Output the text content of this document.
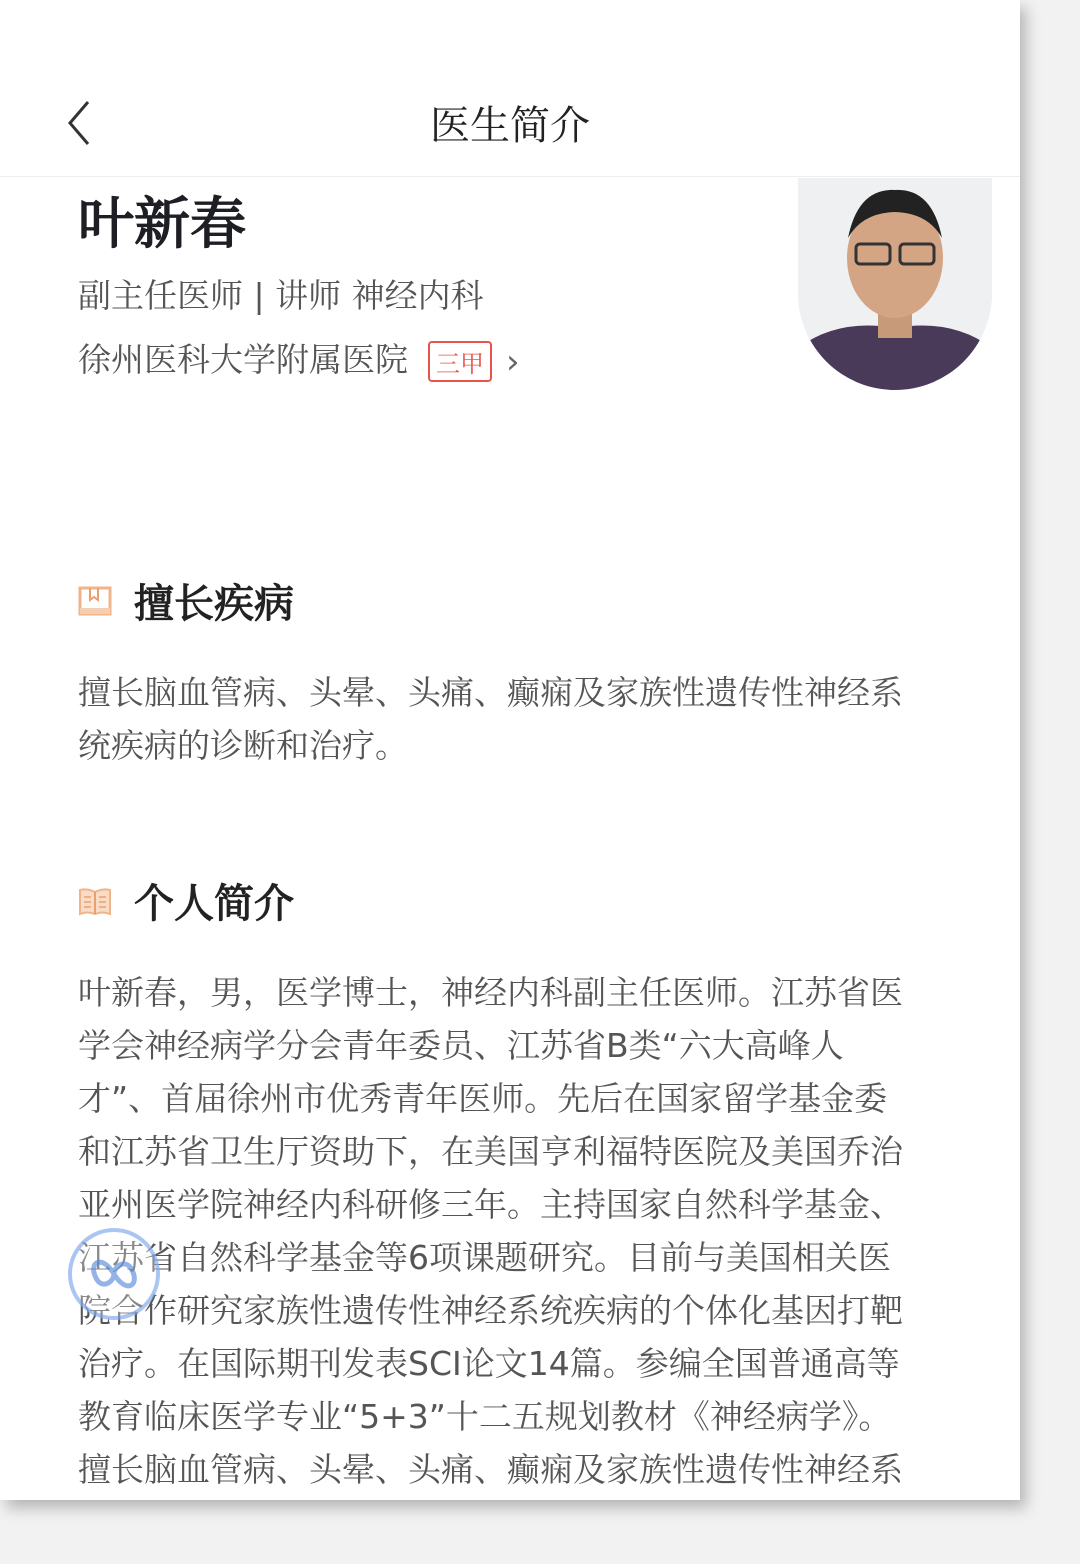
医生简介
叶新春
副主任医师 | 讲师 神经内科
徐州医科大学附属医院 三甲 ›
擅长疾病
擅长脑血管病、头晕、头痛、癫痫及家族性遗传性神经系
统疾病的诊断和治疗。
个人简介
叶新春，男，医学博士，神经内科副主任医师。江苏省医
学会神经病学分会青年委员、江苏省B类“六大高峰人
才”、首届徐州市优秀青年医师。先后在国家留学基金委
和江苏省卫生厅资助下，在美国亨利福特医院及美国乔治
亚州医学院神经内科研修三年。主持国家自然科学基金、
江苏省自然科学基金等6项课题研究。目前与美国相关医
院合作研究家族性遗传性神经系统疾病的个体化基因打靶
治疗。在国际期刊发表SCI论文14篇。参编全国普通高等
教育临床医学专业“5+3”十二五规划教材《神经病学》。
擅长脑血管病、头晕、头痛、癫痫及家族性遗传性神经系
